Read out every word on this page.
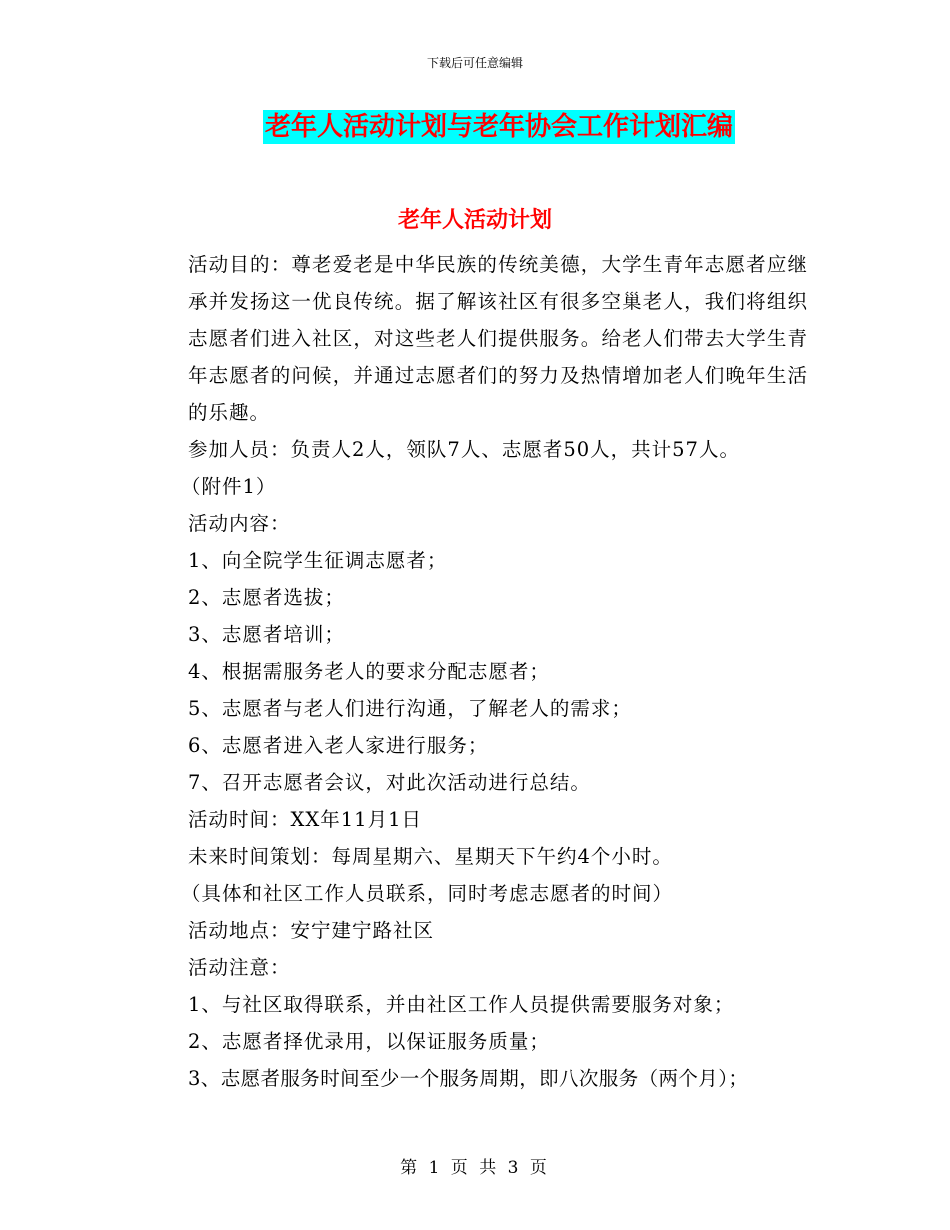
下载后可任意编辑
老年人活动计划与老年协会工作计划汇编
老年人活动计划

活动目的：尊老爱老是中华民族的传统美德，大学生青年志愿者应继承并发扬这一优良传统。据了解该社区有很多空巢老人，我们将组织志愿者们进入社区，对这些老人们提供服务。给老人们带去大学生青年志愿者的问候，并通过志愿者们的努力及热情增加老人们晚年生活的乐趣。

参加人员：负责人2人，领队7人、志愿者50人，共计57人。

（附件1）

活动内容：

1、向全院学生征调志愿者；

2、志愿者选拔；

3、志愿者培训；

4、根据需服务老人的要求分配志愿者；

5、志愿者与老人们进行沟通，了解老人的需求；

6、志愿者进入老人家进行服务；

7、召开志愿者会议，对此次活动进行总结。

活动时间：XX年11月1日

未来时间策划：每周星期六、星期天下午约4个小时。

（具体和社区工作人员联系，同时考虑志愿者的时间）

活动地点：安宁建宁路社区

活动注意：

1、与社区取得联系，并由社区工作人员提供需要服务对象；

2、志愿者择优录用，以保证服务质量；

3、志愿者服务时间至少一个服务周期，即八次服务（两个月）；

第 1 页 共 3 页
